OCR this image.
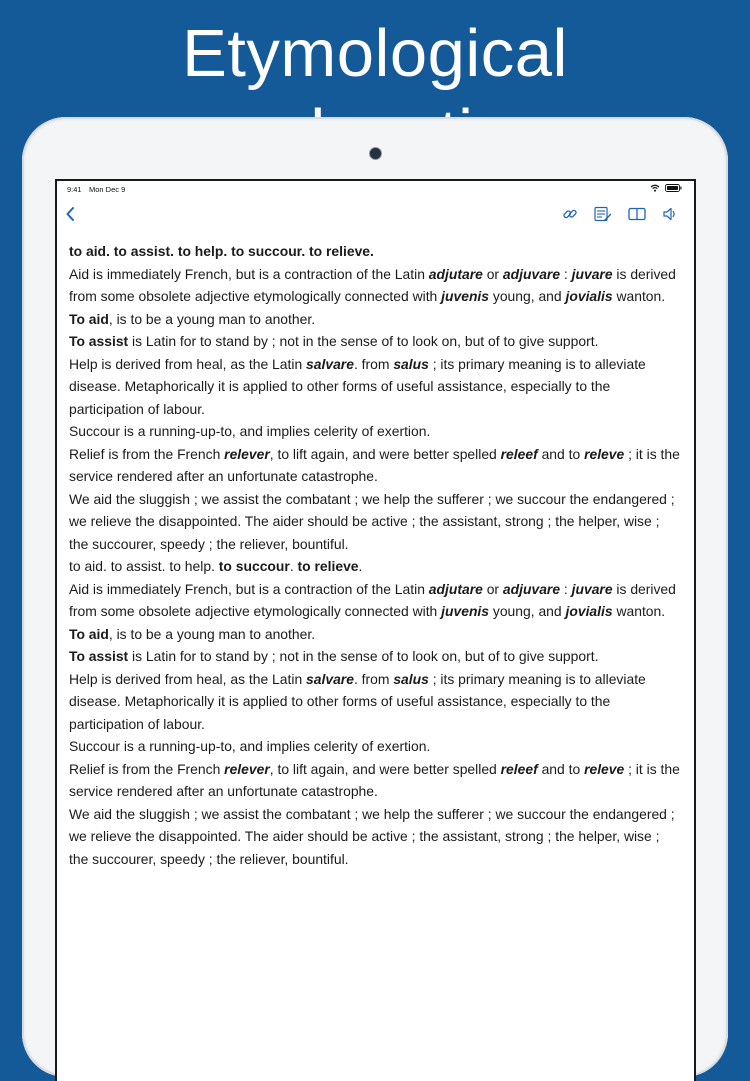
Etymological
9:41 Mon Dec 9

to aid. to assist. to help. to succour. to relieve.

Aid is immediately French, but is a contraction of the Latin adjutare or adjuvare : juvare is derived from some obsolete adjective etymologically connected with juvenis young, and jovialis wanton. To aid, is to be a young man to another.

To assist is Latin for to stand by ; not in the sense of to look on, but of to give support.

Help is derived from heal, as the Latin salvare. from salus ; its primary meaning is to alleviate disease. Metaphorically it is applied to other forms of useful assistance, especially to the participation of labour.

Succour is a running-up-to, and implies celerity of exertion.

Relief is from the French relever, to lift again, and were better spelled releef and to releve ; it is the service rendered after an unfortunate catastrophe.

We aid the sluggish ; we assist the combatant ; we help the sufferer ; we succour the endangered ; we relieve the disappointed. The aider should be active ; the assistant, strong ; the helper, wise ; the succourer, speedy ; the reliever, bountiful.

to aid. to assist. to help. to succour. to relieve.

Aid is immediately French, but is a contraction of the Latin adjutare or adjuvare : juvare is derived from some obsolete adjective etymologically connected with juvenis young, and jovialis wanton. To aid, is to be a young man to another.

To assist is Latin for to stand by ; not in the sense of to look on, but of to give support.

Help is derived from heal, as the Latin salvare. from salus ; its primary meaning is to alleviate disease. Metaphorically it is applied to other forms of useful assistance, especially to the participation of labour.

Succour is a running-up-to, and implies celerity of exertion.

Relief is from the French relever, to lift again, and were better spelled releef and to releve ; it is the service rendered after an unfortunate catastrophe.

We aid the sluggish ; we assist the combatant ; we help the sufferer ; we succour the endangered ; we relieve the disappointed. The aider should be active ; the assistant, strong ; the helper, wise ; the succourer, speedy ; the reliever, bountiful.
